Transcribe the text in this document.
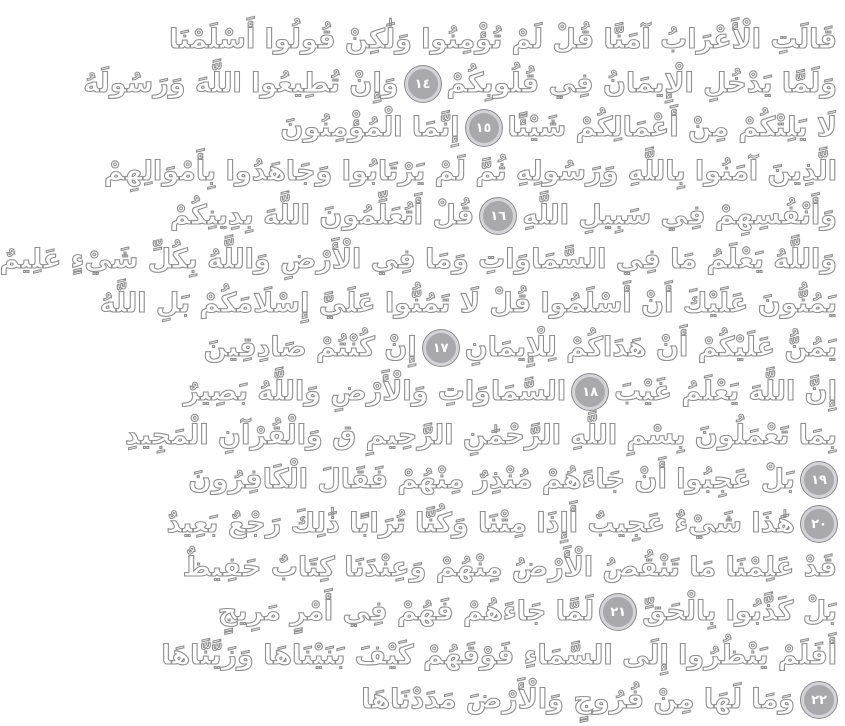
قَالَتِ الْأَعْرَابُ آمَنَّا قُلْ لَمْ تُؤْمِنُوا وَلَٰكِنْ قُولُوا أَسْلَمْنَا
وَلَمَّا يَدْخُلِ الْإِيمَانُ فِي قُلُوبِكُمْ
١٤
وَإِنْ تُطِيعُوا اللَّهَ وَرَسُولَهُ
لَا يَلِتْكُمْ مِنْ أَعْمَالِكُمْ شَيْئًا
١٥
إِنَّمَا الْمُؤْمِنُونَ
الَّذِينَ آمَنُوا بِاللَّهِ وَرَسُولِهِ ثُمَّ لَمْ يَرْتَابُوا وَجَاهَدُوا بِأَمْوَالِهِمْ
وَأَنْفُسِهِمْ فِي سَبِيلِ اللَّهِ
١٦
قُلْ أَتُعَلِّمُونَ اللَّهَ بِدِينِكُمْ
وَاللَّهُ يَعْلَمُ مَا فِي السَّمَاوَاتِ وَمَا فِي الْأَرْضِ وَاللَّهُ بِكُلِّ شَيْءٍ عَلِيمٌ
يَمُنُّونَ عَلَيْكَ أَنْ أَسْلَمُوا قُلْ لَا تَمُنُّوا عَلَيَّ إِسْلَامَكُمْ بَلِ اللَّهُ
يَمُنُّ عَلَيْكُمْ أَنْ هَدَاكُمْ لِلْإِيمَانِ
١٧
إِنْ كُنْتُمْ صَادِقِينَ
إِنَّ اللَّهَ يَعْلَمُ غَيْبَ
١٨
السَّمَاوَاتِ وَالْأَرْضِ وَاللَّهُ بَصِيرٌ
بِمَا تَعْمَلُونَ بِسْمِ اللَّهِ الرَّحْمَٰنِ الرَّحِيمِ ق وَالْقُرْآنِ الْمَجِيدِ
١٩
بَلْ عَجِبُوا أَنْ جَاءَهُمْ مُنْذِرٌ مِنْهُمْ فَقَالَ الْكَافِرُونَ
٢٠
هَٰذَا شَيْءٌ عَجِيبٌ أَإِذَا مِتْنَا وَكُنَّا تُرَابًا ذَٰلِكَ رَجْعٌ بَعِيدٌ
قَدْ عَلِمْنَا مَا تَنْقُصُ الْأَرْضُ مِنْهُمْ وَعِنْدَنَا كِتَابٌ حَفِيظٌ
بَلْ كَذَّبُوا بِالْحَقِّ
٢١
لَمَّا جَاءَهُمْ فَهُمْ فِي أَمْرٍ مَرِيجٍ
أَفَلَمْ يَنْظُرُوا إِلَى السَّمَاءِ فَوْقَهُمْ كَيْفَ بَنَيْنَاهَا وَزَيَّنَّاهَا
٢٢
وَمَا لَهَا مِنْ فُرُوجٍ وَالْأَرْضَ مَدَدْنَاهَا
